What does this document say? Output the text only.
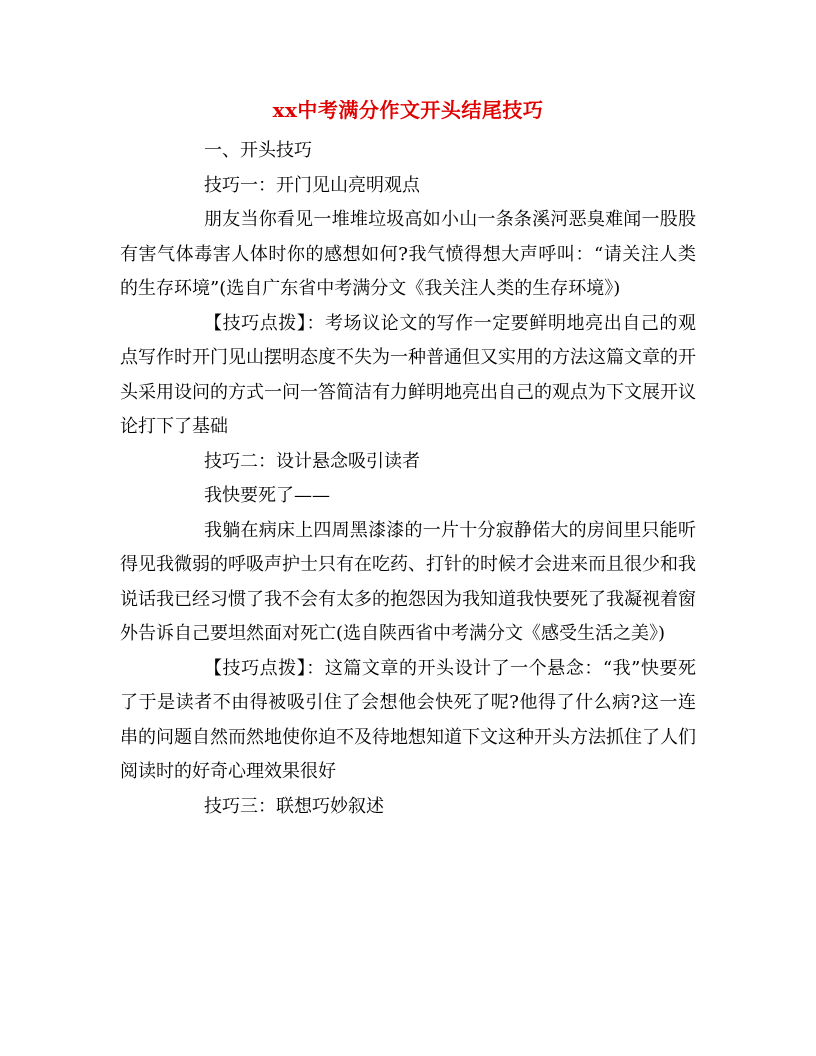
xx中考满分作文开头结尾技巧

一、开头技巧

技巧一：开门见山亮明观点

朋友当你看见一堆堆垃圾高如小山一条条溪河恶臭难闻一股股有害气体毒害人体时你的感想如何?我气愤得想大声呼叫：“请关注人类的生存环境”(选自广东省中考满分文《我关注人类的生存环境》)

【技巧点拨】：考场议论文的写作一定要鲜明地亮出自己的观点写作时开门见山摆明态度不失为一种普通但又实用的方法这篇文章的开头采用设问的方式一问一答简洁有力鲜明地亮出自己的观点为下文展开议论打下了基础

技巧二：设计悬念吸引读者

我快要死了——

我躺在病床上四周黑漆漆的一片十分寂静偌大的房间里只能听得见我微弱的呼吸声护士只有在吃药、打针的时候才会进来而且很少和我说话我已经习惯了我不会有太多的抱怨因为我知道我快要死了我凝视着窗外告诉自己要坦然面对死亡(选自陕西省中考满分文《感受生活之美》)

【技巧点拨】：这篇文章的开头设计了一个悬念：“我”快要死了于是读者不由得被吸引住了会想他会快死了呢?他得了什么病?这一连串的问题自然而然地使你迫不及待地想知道下文这种开头方法抓住了人们阅读时的好奇心理效果很好

技巧三：联想巧妙叙述
